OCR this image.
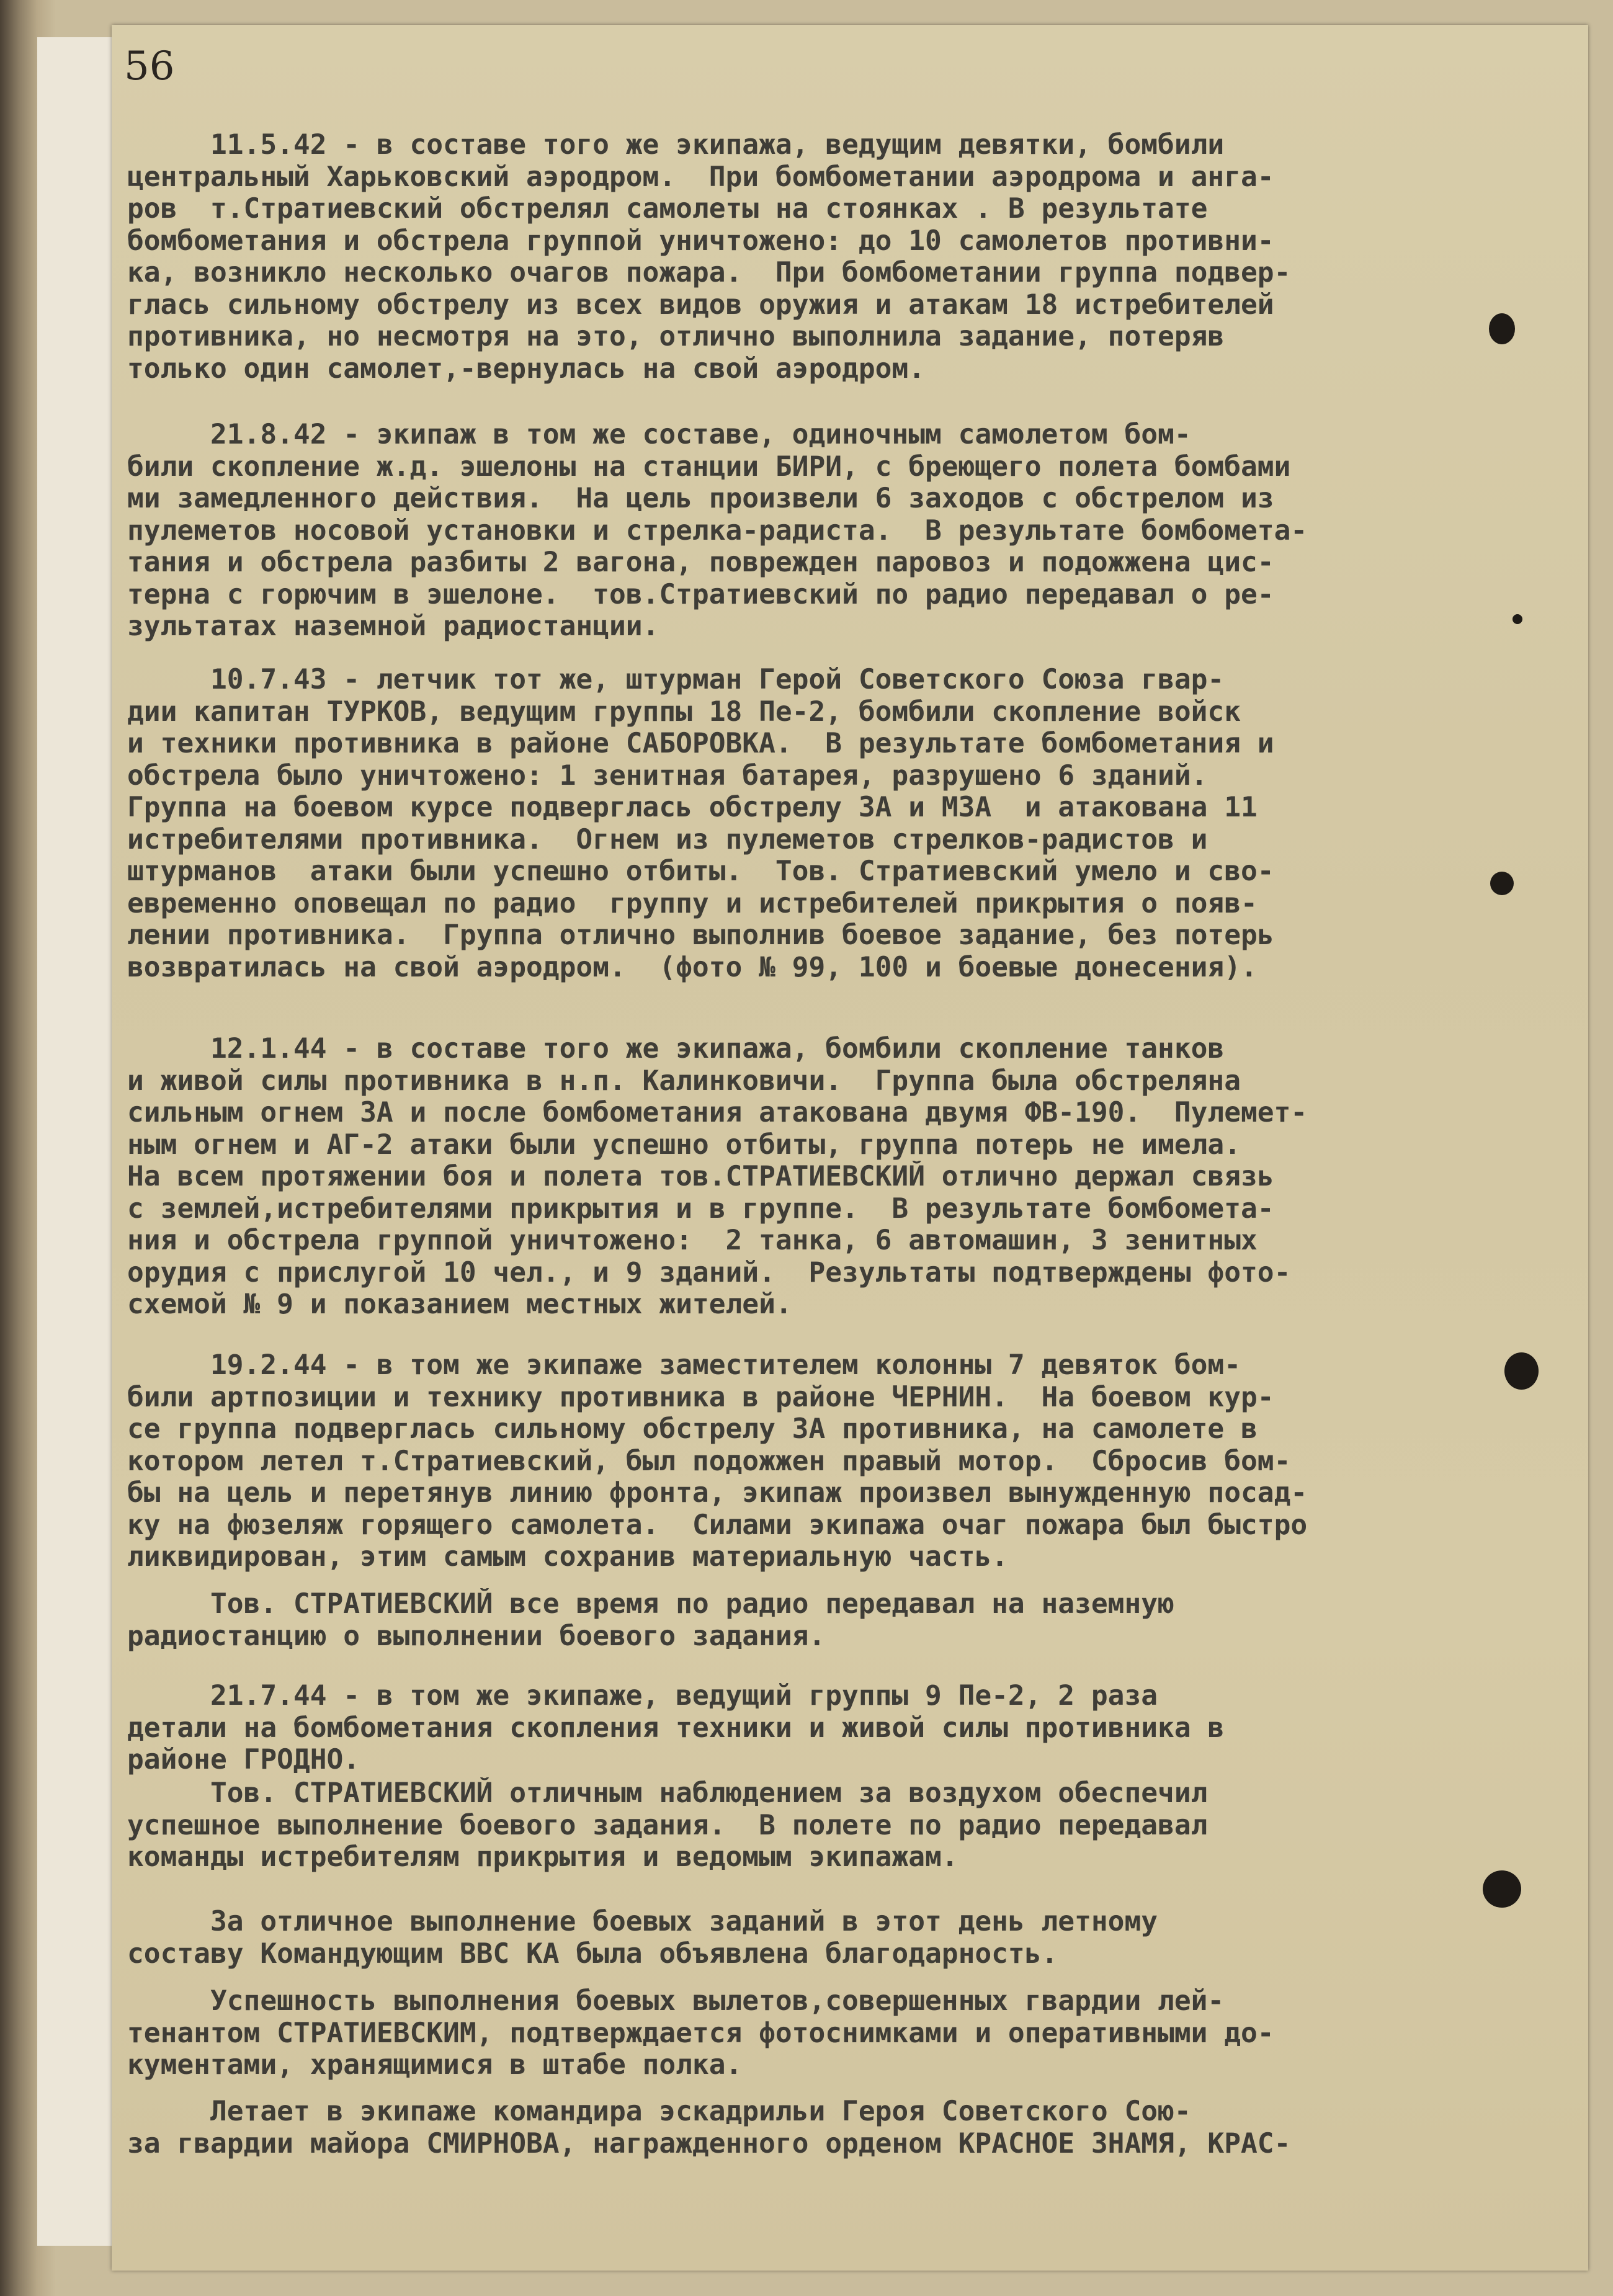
56
11.5.42 - в составе того же экипажа, ведущим девятки, бомбили
центральный Харьковский аэродром.  При бомбометании аэродрома и анга-
ров  т.Стратиевский обстрелял самолеты на стоянках . В результате
бомбометания и обстрела группой уничтожено: до 10 самолетов противни-
ка, возникло несколько очагов пожара.  При бомбометании группа подвер-
глась сильному обстрелу из всех видов оружия и атакам 18 истребителей
противника, но несмотря на это, отлично выполнила задание, потеряв
только один самолет,-вернулась на свой аэродром.
21.8.42 - экипаж в том же составе, одиночным самолетом бом-
били скопление ж.д. эшелоны на станции БИРИ, с бреющего полета бомбами
ми замедленного действия.  На цель произвели 6 заходов с обстрелом из
пулеметов носовой установки и стрелка-радиста.  В результате бомбомета-
тания и обстрела разбиты 2 вагона, поврежден паровоз и подожжена цис-
терна с горючим в эшелоне.  тов.Стратиевский по радио передавал о ре-
зультатах наземной радиостанции.
10.7.43 - летчик тот же, штурман Герой Советского Союза гвар-
дии капитан ТУРКОВ, ведущим группы 18 Пе-2, бомбили скопление войск
и техники противника в районе САБОРОВКА.  В результате бомбометания и
обстрела было уничтожено: 1 зенитная батарея, разрушено 6 зданий.
Группа на боевом курсе подверглась обстрелу ЗА и МЗА  и атакована 11
истребителями противника.  Огнем из пулеметов стрелков-радистов и
штурманов  атаки были успешно отбиты.  Тов. Стратиевский умело и сво-
евременно оповещал по радио  группу и истребителей прикрытия о появ-
лении противника.  Группа отлично выполнив боевое задание, без потерь
возвратилась на свой аэродром.  (фото № 99, 100 и боевые донесения).
12.1.44 - в составе того же экипажа, бомбили скопление танков
и живой силы противника в н.п. Калинковичи.  Группа была обстреляна
сильным огнем ЗА и после бомбометания атакована двумя ФВ-190.  Пулемет-
ным огнем и АГ-2 атаки были успешно отбиты, группа потерь не имела.
На всем протяжении боя и полета тов.СТРАТИЕВСКИЙ отлично держал связь
с землей,истребителями прикрытия и в группе.  В результате бомбомета-
ния и обстрела группой уничтожено:  2 танка, 6 автомашин, 3 зенитных
орудия с прислугой 10 чел., и 9 зданий.  Результаты подтверждены фото-
схемой № 9 и показанием местных жителей.
19.2.44 - в том же экипаже заместителем колонны 7 девяток бом-
били артпозиции и технику противника в районе ЧЕРНИН.  На боевом кур-
се группа подверглась сильному обстрелу ЗА противника, на самолете в
котором летел т.Стратиевский, был подожжен правый мотор.  Сбросив бом-
бы на цель и перетянув линию фронта, экипаж произвел вынужденную посад-
ку на фюзеляж горящего самолета.  Силами экипажа очаг пожара был быстро
ликвидирован, этим самым сохранив материальную часть.
Тов. СТРАТИЕВСКИЙ все время по радио передавал на наземную
радиостанцию о выполнении боевого задания.
21.7.44 - в том же экипаже, ведущий группы 9 Пе-2, 2 раза
детали на бомбометания скопления техники и живой силы противника в
районе ГРОДНО.
Тов. СТРАТИЕВСКИЙ отличным наблюдением за воздухом обеспечил
успешное выполнение боевого задания.  В полете по радио передавал
команды истребителям прикрытия и ведомым экипажам.
За отличное выполнение боевых заданий в этот день летному
составу Командующим ВВС КА была объявлена благодарность.
Успешность выполнения боевых вылетов,совершенных гвардии лей-
тенантом СТРАТИЕВСКИМ, подтверждается фотоснимками и оперативными до-
кументами, хранящимися в штабе полка.
Летает в экипаже командира эскадрильи Героя Советского Сою-
за гвардии майора СМИРНОВА, награжденного орденом КРАСНОЕ ЗНАМЯ, КРАС-
